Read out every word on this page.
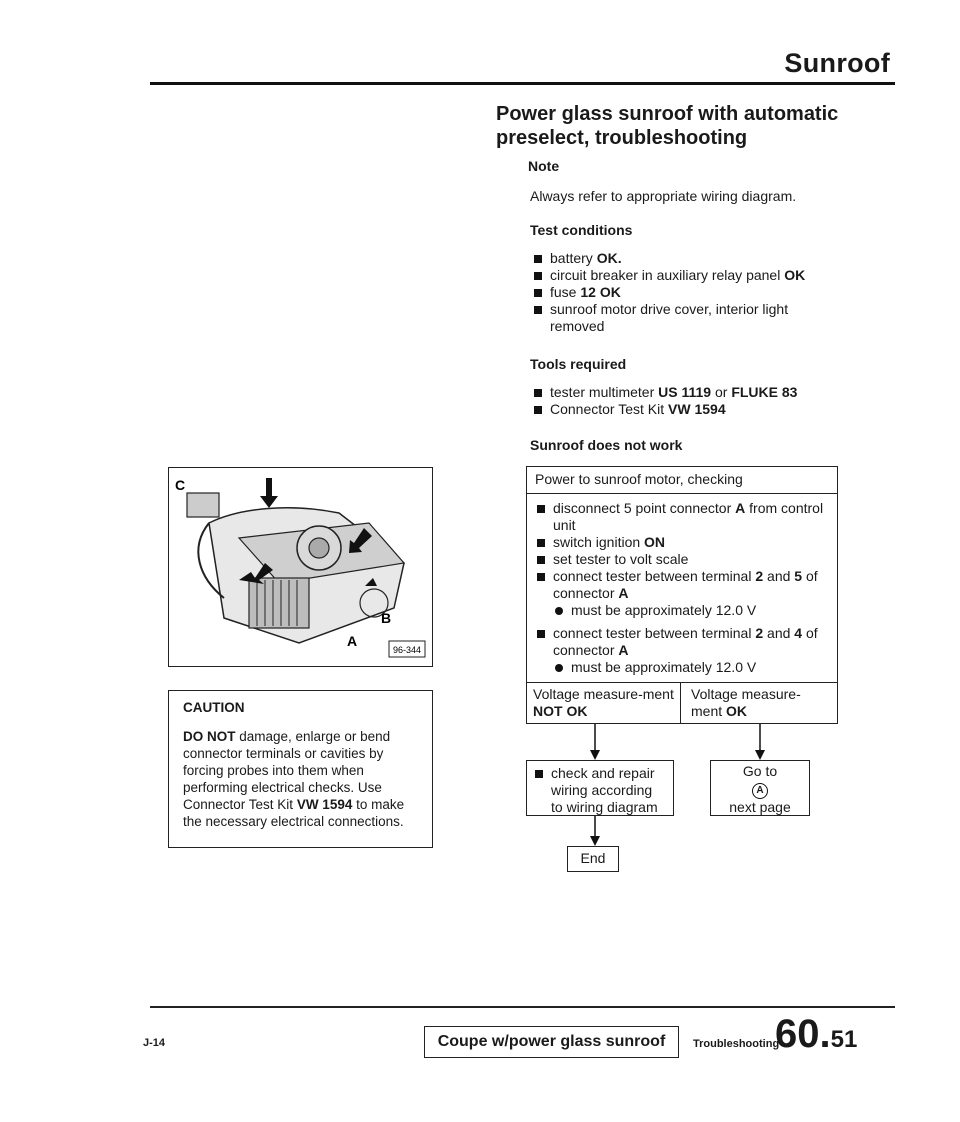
Sunroof
Power glass sunroof with automatic
preselect, troubleshooting
Note
Always refer to appropriate wiring diagram.
Test conditions
battery OK.
circuit breaker in auxiliary relay panel OK
fuse 12 OK
sunroof motor drive cover, interior light removed
Tools required
tester multimeter US 1119 or FLUKE 83
Connector Test Kit VW 1594
Sunroof does not work
Power to sunroof motor, checking
disconnect 5 point connector A from control unit
switch ignition ON
set tester to volt scale
connect tester between terminal 2 and 5 of connector A
must be approximately 12.0 V
connect tester between terminal 2 and 4 of connector A
must be approximately 12.0 V
Voltage measure-ment NOT OK
Voltage measure-ment OK
check and repair wiring according to wiring diagram
Go to
A
next page
End
C
B
A
96-344
CAUTION
DO NOT damage, enlarge or bend connector terminals or cavities by forcing probes into them when performing electrical checks. Use Connector Test Kit VW 1594 to make the necessary electrical connections.
J-14	Coupe w/power glass sunroof	Troubleshooting
60.51
